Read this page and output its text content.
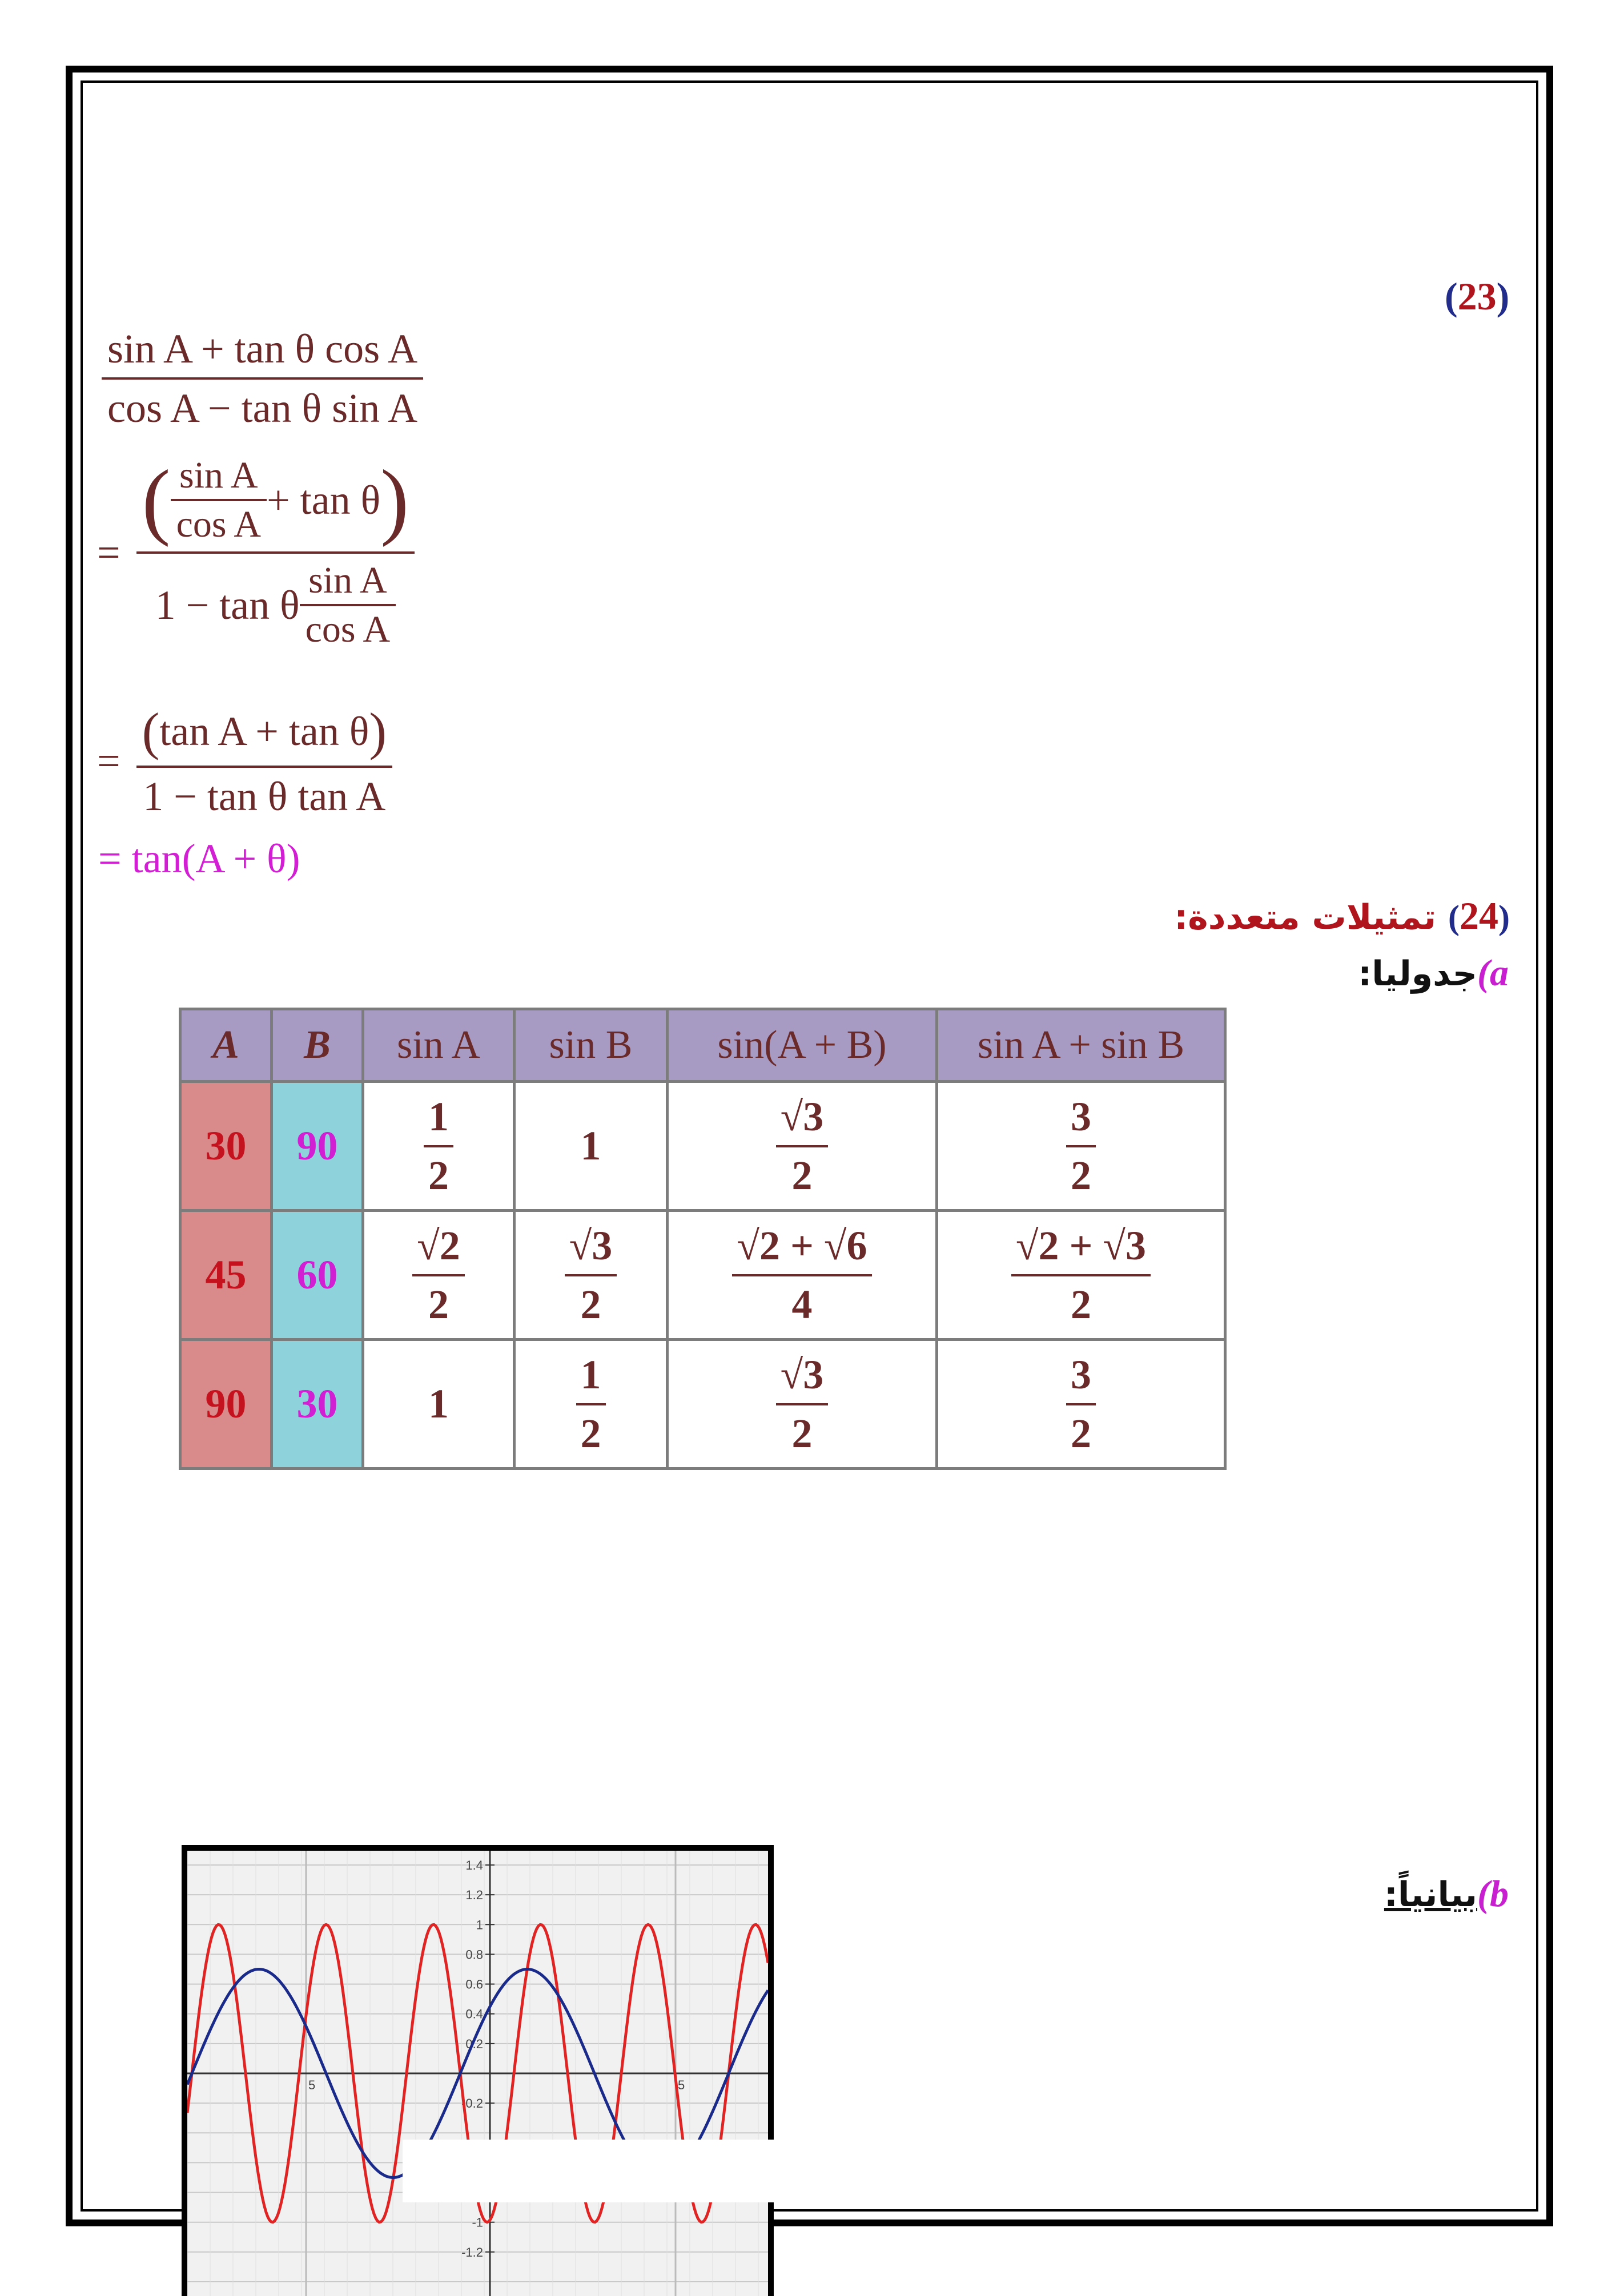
(23)
$\frac{\text{sin A + tan θ cos A}}{\text{cos A − tan θ sin A}}$
=
( $\frac{\text{sin A}}{\text{cos A}} + \tan \theta$ )
1 − tan θ $\frac{\text{sin A}}{\text{cos A}}$
= $\frac{\text{( tan A + tan θ )}}{\text{1 − tan θ tan A}}$
= tan(A + θ)
(24) تمثيلات متعددة:
a)جدوليا:
A	B	sin A	sin B	sin(A + B)	sin A + sin B
30	90	$\frac{1}{2}$	1	$\frac{√3}{2}$	$\frac{3}{2}$

45	60	$\frac{√2}{2}$	$\frac{√3}{2}$	$\frac{√2 + √6}{4}$	$\frac{√2 + √3}{2}$

90	30	1	$\frac{1}{2}$	$\frac{√3}{2}$	$\frac{3}{2}$
b)بيانياً:
1.4
1.2
1
0.8
0.6
0.4
0.2
-0.2
-1
-1.2
5	5
